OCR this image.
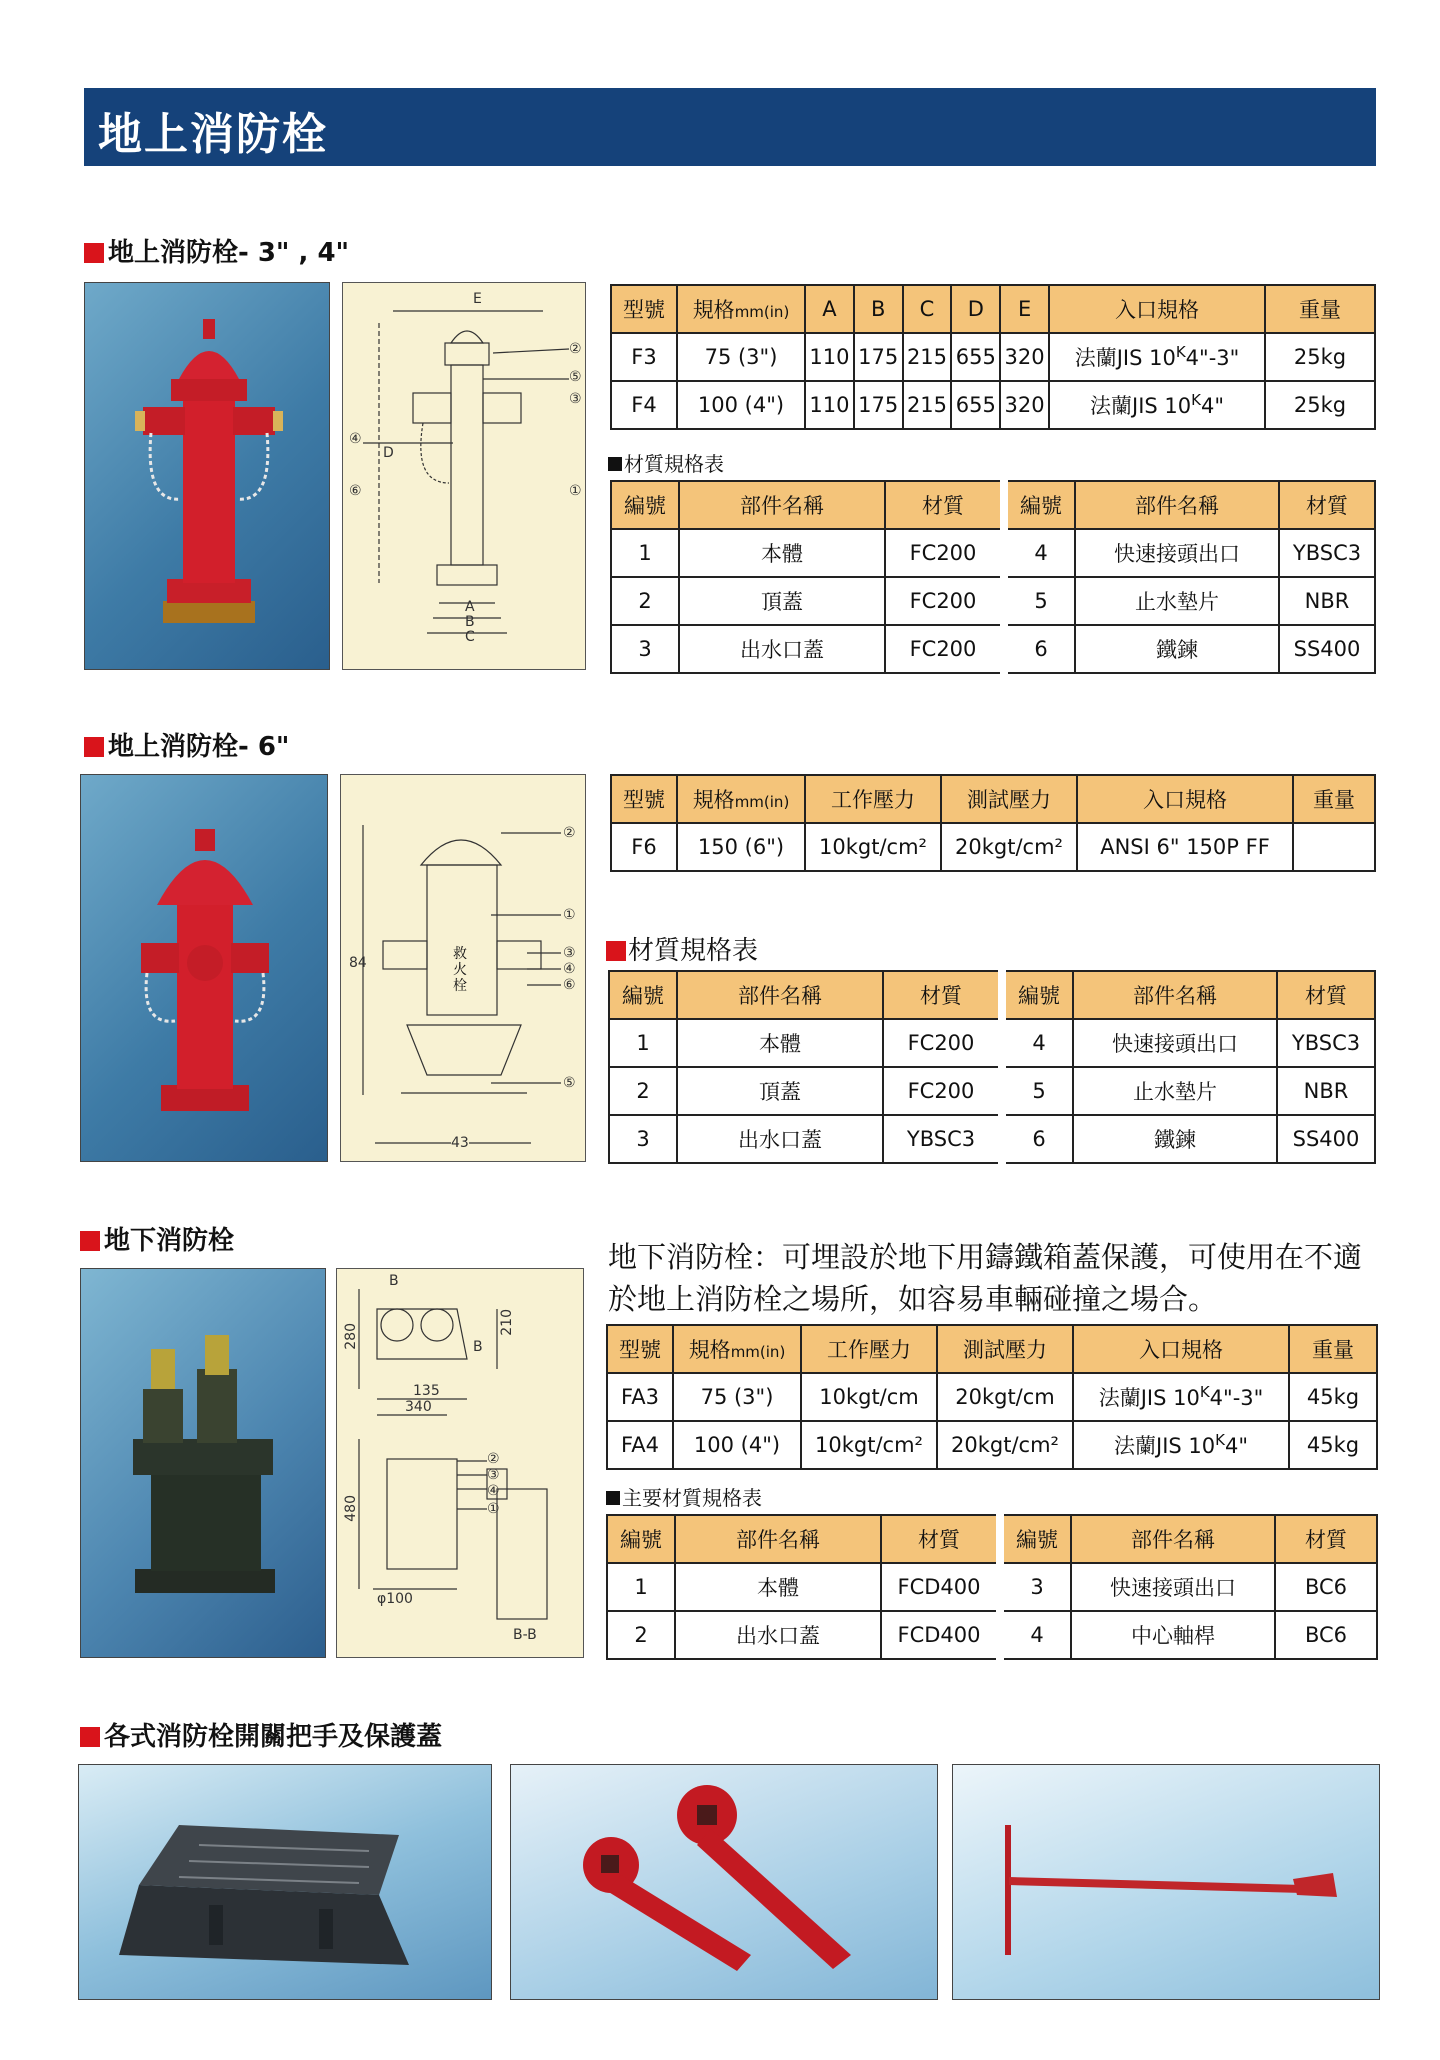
地上消防栓
地上消防栓- 3" , 4"
E
D
A
B
C
②
⑤
③
④
⑥	①
型號	規格mm(in)	A	B	C	D	E	入口規格	重量
F3	75 (3")	110	175	215	655	320	法蘭JIS $10^K4"-3$"	25kg
F4	100 (4")	110	175	215	655	320	法蘭JIS $10^K4$"	25kg
材質規格表
編號	部件名稱	材質	編號	部件名稱	材質
1	本體	FC200	4	快速接頭出口	YBSC3
2	頂蓋	FC200	5	止水墊片	NBR
3	出水口蓋	FC200	6	鐵鍊	SS400
地上消防栓- 6"
84
43
救
火
栓
②
①
③
④
⑥
⑤
型號	規格mm(in)	工作壓力	測試壓力	入口規格	重量
F6	150 (6")	10kgt/cm²	20kgt/cm²	ANSI 6" 150P FF	
材質規格表
編號	部件名稱	材質	編號	部件名稱	材質
1	本體	FC200	4	快速接頭出口	YBSC3
2	頂蓋	FC200	5	止水墊片	NBR
3	出水口蓋	YBSC3	6	鐵鍊	SS400
地下消防栓
B
280
210
135
340
B
480
φ100
B-B
②
③
④
①
地下消防栓：可埋設於地下用鑄鐵箱蓋保護，可使用在不適
於地上消防栓之場所，如容易車輛碰撞之場合。
型號	規格mm(in)	工作壓力	測試壓力	入口規格	重量
FA3	75 (3")	10kgt/cm	20kgt/cm	法蘭JIS $10^K4"-3$"	45kg
FA4	100 (4")	10kgt/cm²	20kgt/cm²	法蘭JIS $10^K4$"	45kg
主要材質規格表
編號	部件名稱	材質	編號	部件名稱	材質
1	本體	FCD400	3	快速接頭出口	BC6
2	出水口蓋	FCD400	4	中心軸桿	BC6
各式消防栓開關把手及保護蓋
